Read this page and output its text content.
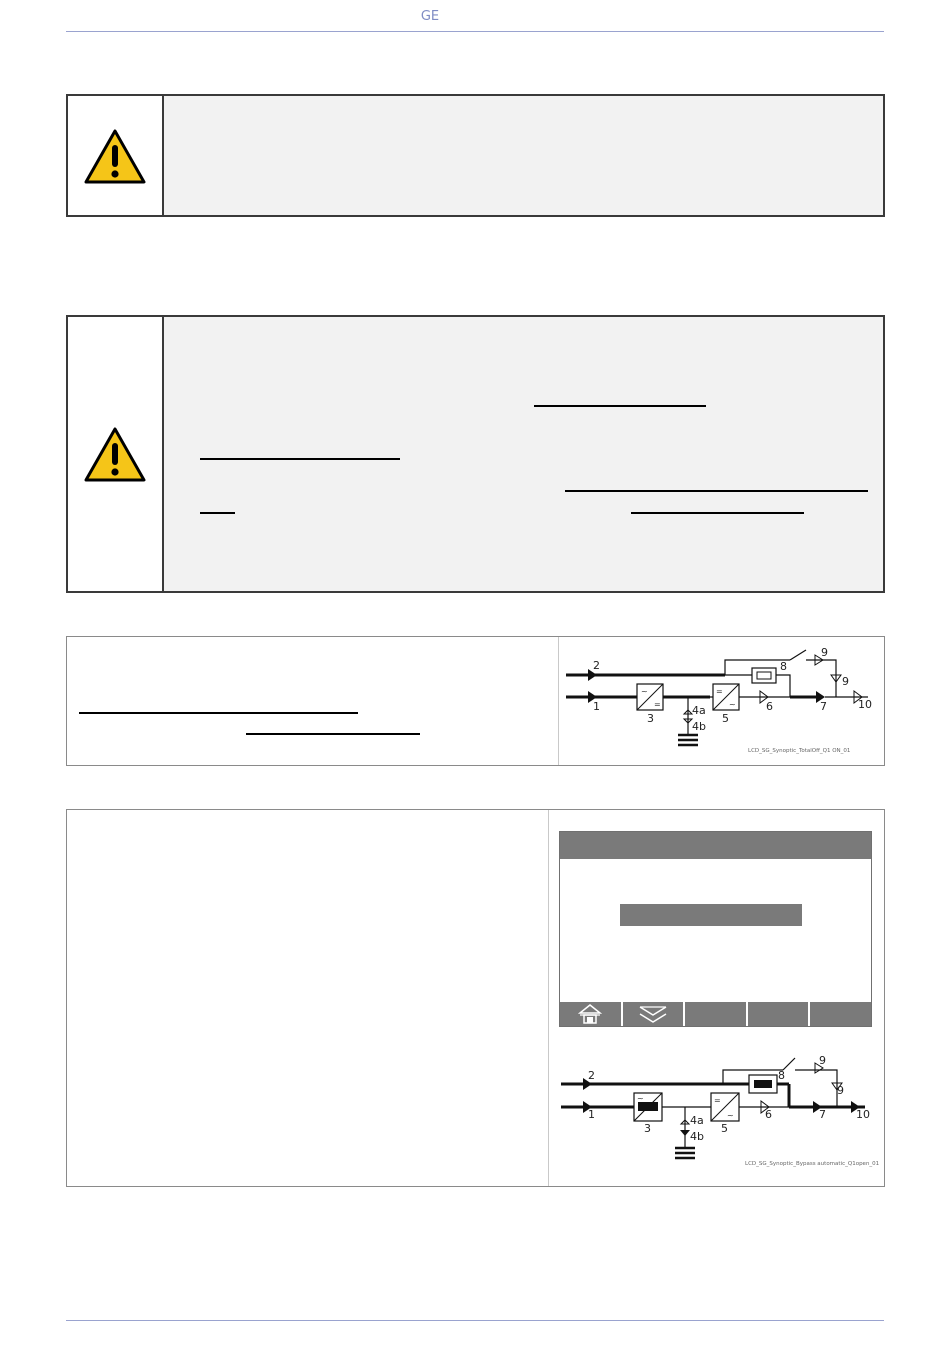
GE
~
=
=
~
2
1
3
4a
4b
5
6	7
8
9
9
10
LCD_SG_Synoptic_TotalOff_Q1 ON_01
~	=
~
2
1
3
4a
4b
5
6	7
8
9
9
10
LCD_SG_Synoptic_Bypass automatic_Q1open_01
